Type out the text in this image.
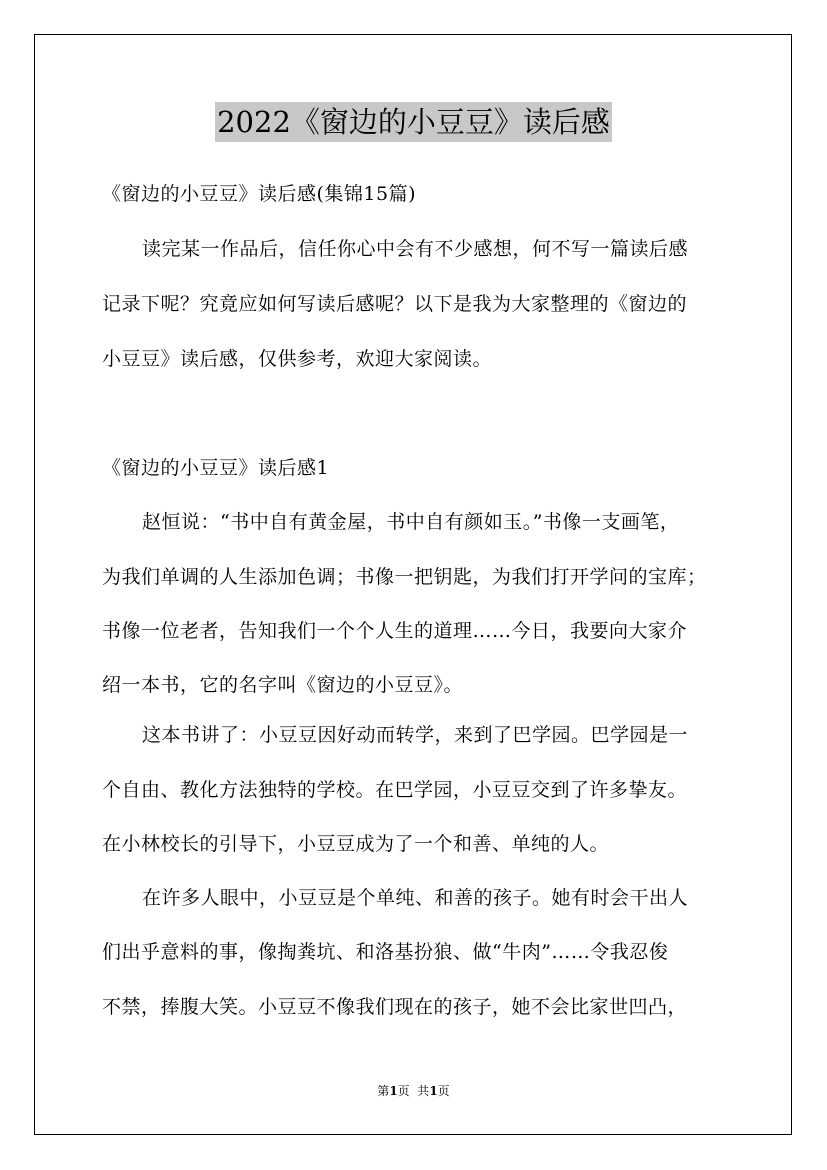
2022《窗边的小豆豆》读后感
《窗边的小豆豆》读后感(集锦15篇)
读完某一作品后，信任你心中会有不少感想，何不写一篇读后感
记录下呢？究竟应如何写读后感呢？以下是我为大家整理的《窗边的
小豆豆》读后感，仅供参考，欢迎大家阅读。
《窗边的小豆豆》读后感1
赵恒说：“书中自有黄金屋，书中自有颜如玉。”书像一支画笔，
为我们单调的人生添加色调；书像一把钥匙，为我们打开学问的宝库；
书像一位老者，告知我们一个个人生的道理……今日，我要向大家介
绍一本书，它的名字叫《窗边的小豆豆》。
这本书讲了：小豆豆因好动而转学，来到了巴学园。巴学园是一
个自由、教化方法独特的学校。在巴学园，小豆豆交到了许多挚友。
在小林校长的引导下，小豆豆成为了一个和善、单纯的人。
在许多人眼中，小豆豆是个单纯、和善的孩子。她有时会干出人
们出乎意料的事，像掏粪坑、和洛基扮狼、做“牛肉”……令我忍俊
不禁，捧腹大笑。小豆豆不像我们现在的孩子，她不会比家世凹凸，
第1页  共1页
